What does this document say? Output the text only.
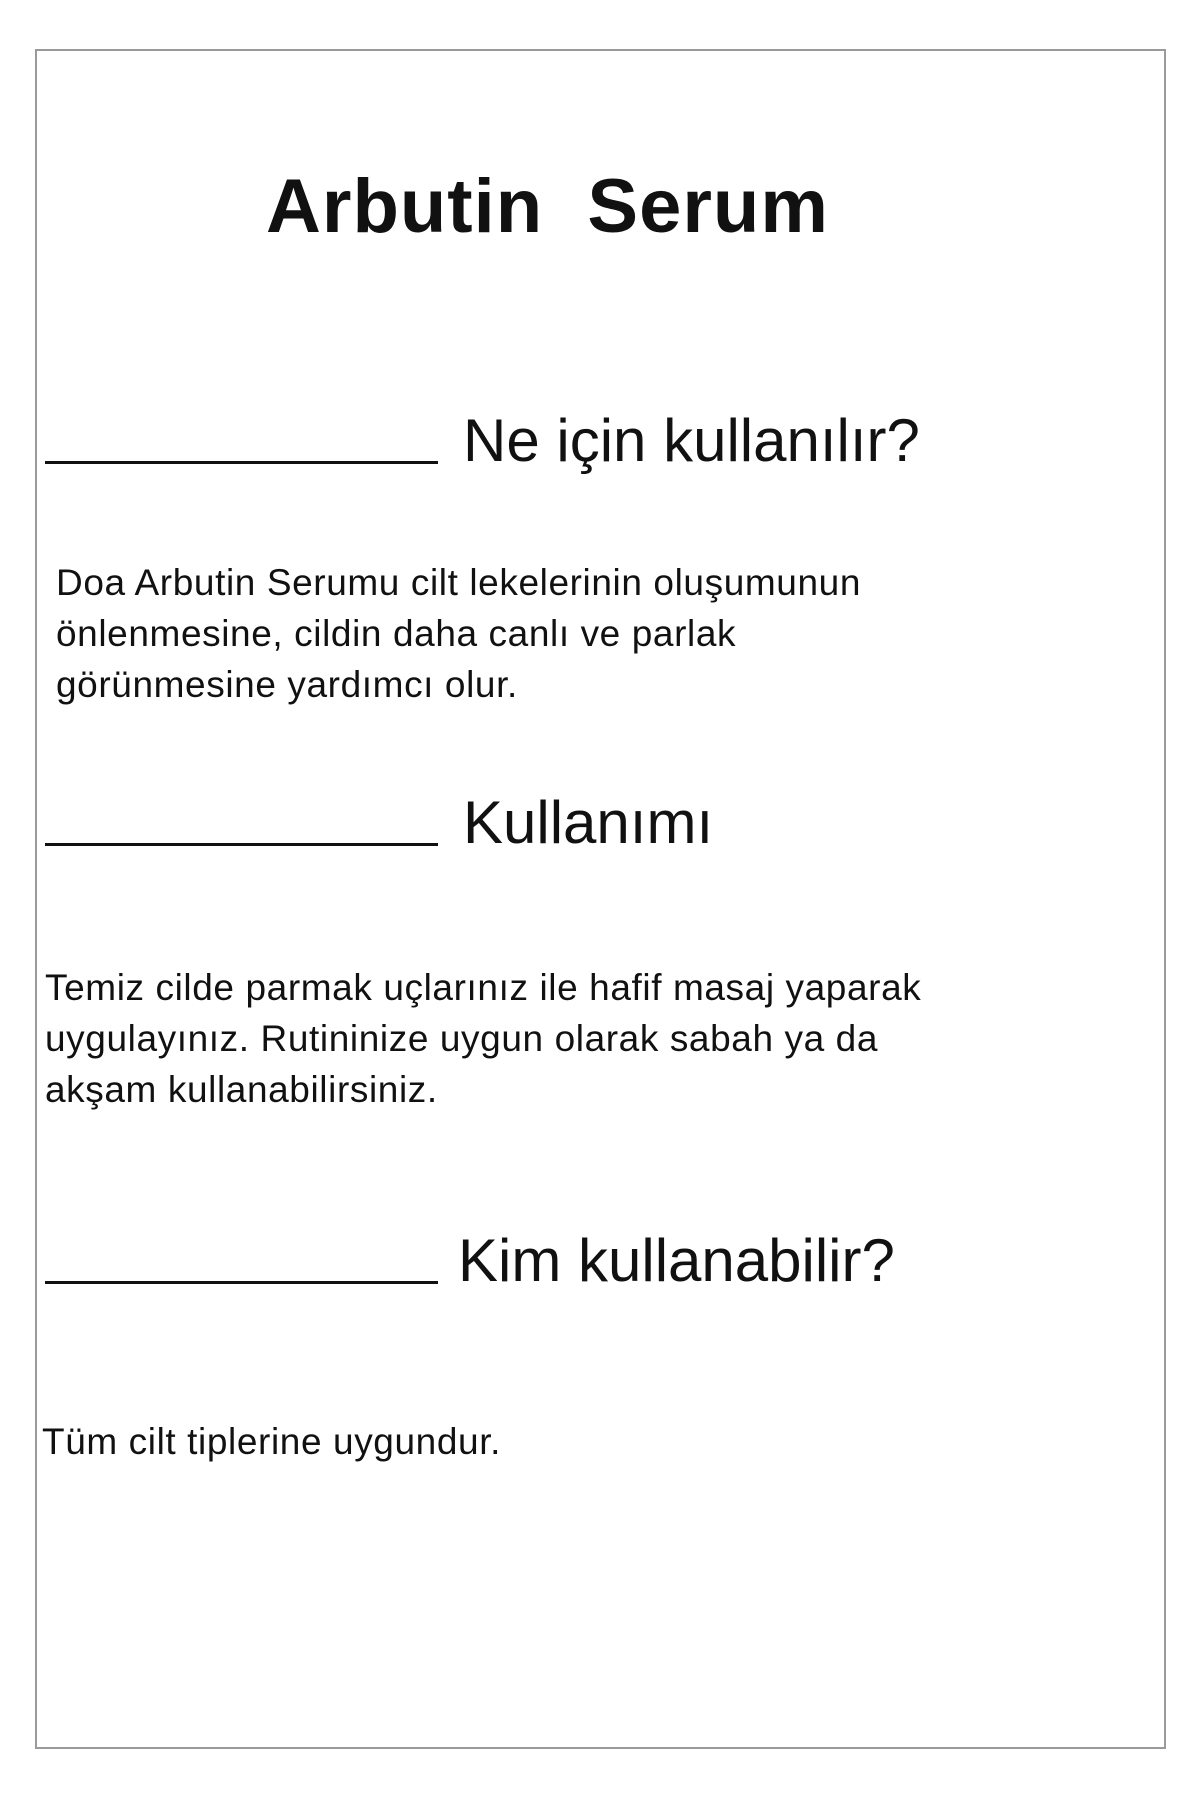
Arbutin  Serum
Ne için kullanılır?

Doa Arbutin Serumu cilt lekelerinin oluşumunun
önlenmesine, cildin daha canlı ve parlak
görünmesine yardımcı olur.

Kullanımı

Temiz cilde parmak uçlarınız ile hafif masaj yaparak
uygulayınız. Rutininize uygun olarak sabah ya da
akşam kullanabilirsiniz.

Kim kullanabilir?

Tüm cilt tiplerine uygundur.
